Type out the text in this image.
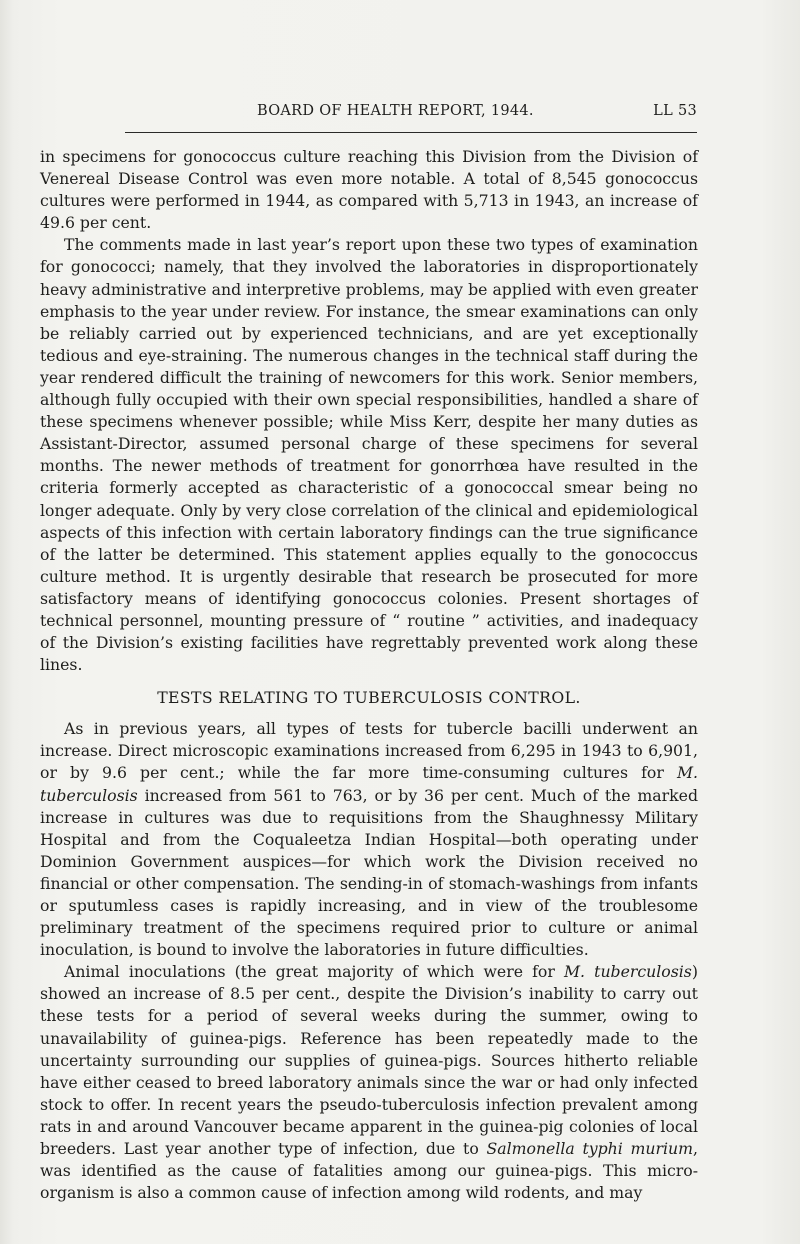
BOARD OF HEALTH REPORT, 1944.	LL 53

in specimens for gonococcus culture reaching this Division from the Division of Venereal Disease Control was even more notable. A total of 8,545 gonococcus cultures were performed in 1944, as compared with 5,713 in 1943, an increase of 49.6 per cent.

The comments made in last year’s report upon these two types of examination for gonococci; namely, that they involved the laboratories in disproportionately heavy administrative and interpretive problems, may be applied with even greater emphasis to the year under review. For instance, the smear examinations can only be reliably carried out by experienced technicians, and are yet exceptionally tedious and eye-straining. The numerous changes in the technical staff during the year rendered difficult the training of newcomers for this work. Senior members, although fully occupied with their own special responsibilities, handled a share of these specimens whenever possible; while Miss Kerr, despite her many duties as Assistant-Director, assumed personal charge of these specimens for several months. The newer methods of treatment for gonorrhœa have resulted in the criteria formerly accepted as characteristic of a gonococcal smear being no longer adequate. Only by very close correlation of the clinical and epidemiological aspects of this infection with certain laboratory findings can the true significance of the latter be determined. This statement applies equally to the gonococcus culture method. It is urgently desirable that research be prosecuted for more satisfactory means of identifying gonococcus colonies. Present shortages of technical personnel, mounting pressure of “ routine ” activities, and inadequacy of the Division’s existing facilities have regrettably prevented work along these lines.

TESTS RELATING TO TUBERCULOSIS CONTROL.

As in previous years, all types of tests for tubercle bacilli underwent an increase. Direct microscopic examinations increased from 6,295 in 1943 to 6,901, or by 9.6 per cent.; while the far more time-consuming cultures for M. tuberculosis increased from 561 to 763, or by 36 per cent. Much of the marked increase in cultures was due to requisitions from the Shaughnessy Military Hospital and from the Coqualeetza Indian Hospital—both operating under Dominion Government auspices—for which work the Division received no financial or other compensation. The sending-in of stomach-washings from infants or sputumless cases is rapidly increasing, and in view of the troublesome preliminary treatment of the specimens required prior to culture or animal inoculation, is bound to involve the laboratories in future difficulties.

Animal inoculations (the great majority of which were for M. tuberculosis) showed an increase of 8.5 per cent., despite the Division’s inability to carry out these tests for a period of several weeks during the summer, owing to unavailability of guinea-pigs. Reference has been repeatedly made to the uncertainty surrounding our supplies of guinea-pigs. Sources hitherto reliable have either ceased to breed laboratory animals since the war or had only infected stock to offer. In recent years the pseudo-tuberculosis infection prevalent among rats in and around Vancouver became apparent in the guinea-pig colonies of local breeders. Last year another type of infection, due to Salmonella typhi murium, was identified as the cause of fatalities among our guinea-pigs. This micro-organism is also a common cause of infection among wild rodents, and may
